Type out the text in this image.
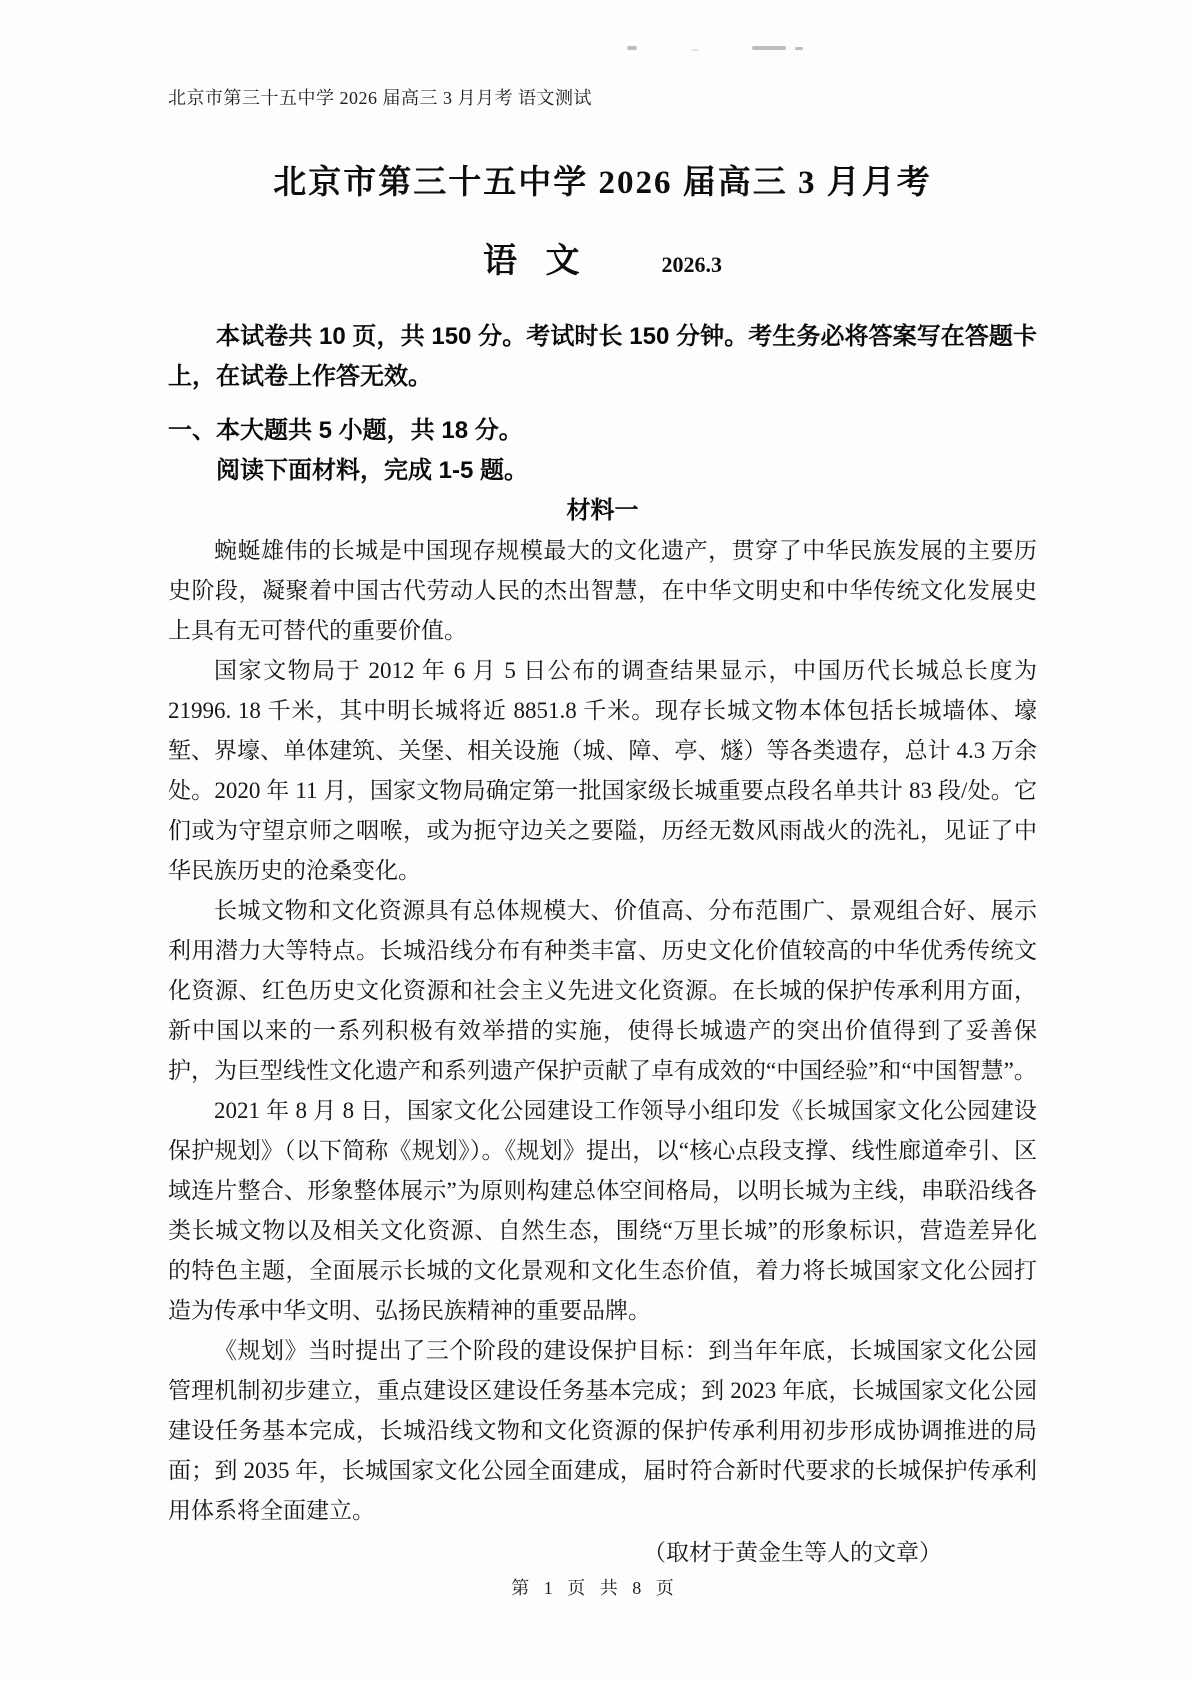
北京市第三十五中学 2026 届高三 3 月月考 语文测试
北京市第三十五中学 2026 届高三 3 月月考
语 文	2026.3
本试卷共 10 页，共 150 分。考试时长 150 分钟。考生务必将答案写在答题卡上，在试卷上作答无效。
一、本大题共 5 小题，共 18 分。
阅读下面材料，完成 1-5 题。
材料一

蜿蜒雄伟的长城是中国现存规模最大的文化遗产，贯穿了中华民族发展的主要历史阶段，凝聚着中国古代劳动人民的杰出智慧，在中华文明史和中华传统文化发展史上具有无可替代的重要价值。

国家文物局于 2012 年 6 月 5 日公布的调查结果显示，中国历代长城总长度为 21996. 18 千米，其中明长城将近 8851.8 千米。现存长城文物本体包括长城墙体、壕堑、界壕、单体建筑、关堡、相关设施（城、障、亭、燧）等各类遗存，总计 4.3 万余处。2020 年 11 月，国家文物局确定第一批国家级长城重要点段名单共计 83 段/处。它们或为守望京师之咽喉，或为扼守边关之要隘，历经无数风雨战火的洗礼，见证了中华民族历史的沧桑变化。

长城文物和文化资源具有总体规模大、价值高、分布范围广、景观组合好、展示利用潜力大等特点。长城沿线分布有种类丰富、历史文化价值较高的中华优秀传统文化资源、红色历史文化资源和社会主义先进文化资源。在长城的保护传承利用方面，新中国以来的一系列积极有效举措的实施，使得长城遗产的突出价值得到了妥善保护，为巨型线性文化遗产和系列遗产保护贡献了卓有成效的“中国经验”和“中国智慧”。

2021 年 8 月 8 日，国家文化公园建设工作领导小组印发《长城国家文化公园建设保护规划》（以下简称《规划》）。《规划》提出，以“核心点段支撑、线性廊道牵引、区域连片整合、形象整体展示”为原则构建总体空间格局，以明长城为主线，串联沿线各类长城文物以及相关文化资源、自然生态，围绕“万里长城”的形象标识，营造差异化的特色主题，全面展示长城的文化景观和文化生态价值，着力将长城国家文化公园打造为传承中华文明、弘扬民族精神的重要品牌。

《规划》当时提出了三个阶段的建设保护目标：到当年年底，长城国家文化公园管理机制初步建立，重点建设区建设任务基本完成；到 2023 年底，长城国家文化公园建设任务基本完成，长城沿线文物和文化资源的保护传承利用初步形成协调推进的局面；到 2035 年，长城国家文化公园全面建成，届时符合新时代要求的长城保护传承利用体系将全面建立。

（取材于黄金生等人的文章）
第 1 页 共 8 页
